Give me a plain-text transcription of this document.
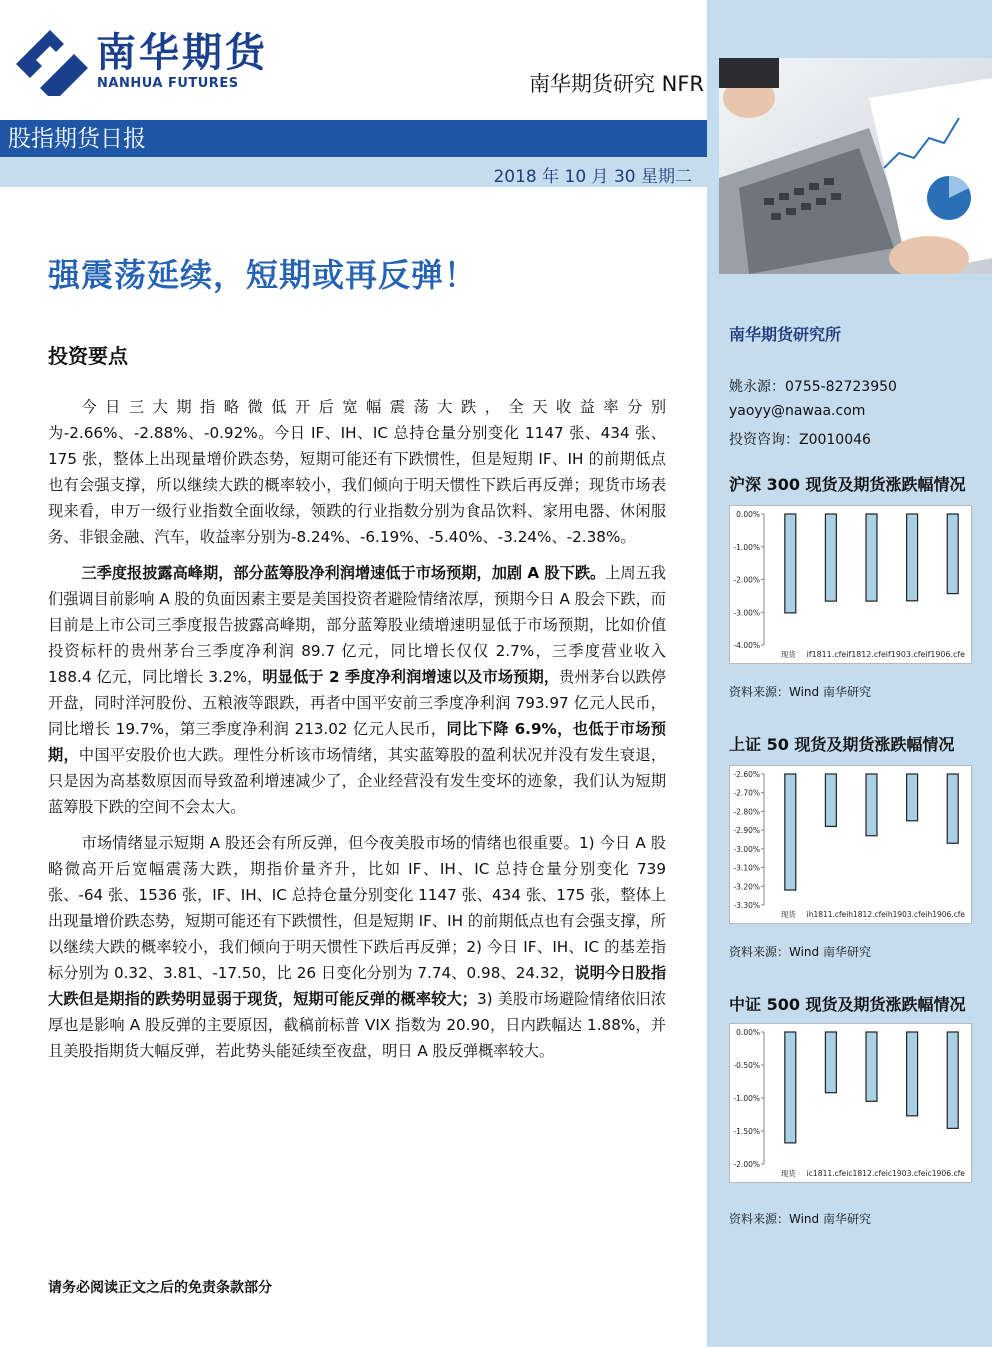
南华期货
NANHUA FUTURES	南华期货研究 NFR
股指期货日报
2018 年 10 月 30 星期二
强震荡延续，短期或再反弹！
投资要点

今日三大期指略微低开后宽幅震荡大跌，全天收益率分别为-2.66%、-2.88%、-0.92%。今日 IF、IH、IC 总持仓量分别变化 1147 张、434 张、175 张，整体上出现量增价跌态势，短期可能还有下跌惯性，但是短期 IF、IH 的前期低点也有会强支撑，所以继续大跌的概率较小，我们倾向于明天惯性下跌后再反弹；现货市场表现来看，申万一级行业指数全面收绿，领跌的行业指数分别为食品饮料、家用电器、休闲服务、非银金融、汽车，收益率分别为-8.24%、-6.19%、-5.40%、-3.24%、-2.38%。

三季度报披露高峰期，部分蓝筹股净利润增速低于市场预期，加剧 A 股下跌。上周五我们强调目前影响 A 股的负面因素主要是美国投资者避险情绪浓厚，预期今日 A 股会下跌，而目前是上市公司三季度报告披露高峰期，部分蓝筹股业绩增速明显低于市场预期，比如价值投资标杆的贵州茅台三季度净利润 89.7 亿元，同比增长仅仅 2.7%，三季度营业收入 188.4 亿元，同比增长 3.2%，明显低于 2 季度净利润增速以及市场预期，贵州茅台以跌停开盘，同时洋河股份、五粮液等跟跌，再者中国平安前三季度净利润 793.97 亿元人民币，同比增长 19.7%，第三季度净利润 213.02 亿元人民币，同比下降 6.9%，也低于市场预期，中国平安股价也大跌。理性分析该市场情绪，其实蓝筹股的盈利状况并没有发生衰退，只是因为高基数原因而导致盈利增速减少了，企业经营没有发生变坏的迹象，我们认为短期蓝筹股下跌的空间不会太大。

市场情绪显示短期 A 股还会有所反弹，但今夜美股市场的情绪也很重要。1) 今日 A 股略微高开后宽幅震荡大跌，期指价量齐升，比如 IF、IH、IC 总持仓量分别变化 739 张、-64 张、1536 张，IF、IH、IC 总持仓量分别变化 1147 张、434 张、175 张，整体上出现量增价跌态势，短期可能还有下跌惯性，但是短期 IF、IH 的前期低点也有会强支撑，所以继续大跌的概率较小，我们倾向于明天惯性下跌后再反弹；2) 今日 IF、IH、IC 的基差指标分别为 0.32、3.81、-17.50，比 26 日变化分别为 7.74、0.98、24.32，说明今日股指大跌但是期指的跌势明显弱于现货，短期可能反弹的概率较大；3) 美股市场避险情绪依旧浓厚也是影响 A 股反弹的主要原因，截稿前标普 VIX 指数为 20.90，日内跌幅达 1.88%，并且美股指期货大幅反弹，若此势头能延续至夜盘，明日 A 股反弹概率较大。

请务必阅读正文之后的免责条款部分
南华期货研究所
姚永源：0755-82723950
yaoyy@nawaa.com
投资咨询：Z0010046
沪深 300 现货及期货涨跌幅情况
0.00%
-1.00%
-2.00%
-3.00%
-4.00%
现货 if1811.cfeif1812.cfeif1903.cfeif1906.cfe
资料来源：Wind 南华研究
上证 50 现货及期货涨跌幅情况
-2.60%
-2.70%
-2.80%
-2.90%
-3.00%
-3.10%
-3.20%
-3.30%
现货 ih1811.cfeih1812.cfeih1903.cfeih1906.cfe
资料来源：Wind 南华研究
中证 500 现货及期货涨跌幅情况
0.00%
-0.50%
-1.00%
-1.50%
-2.00%
现货 ic1811.cfeic1812.cfeic1903.cfeic1906.cfe
资料来源：Wind 南华研究
